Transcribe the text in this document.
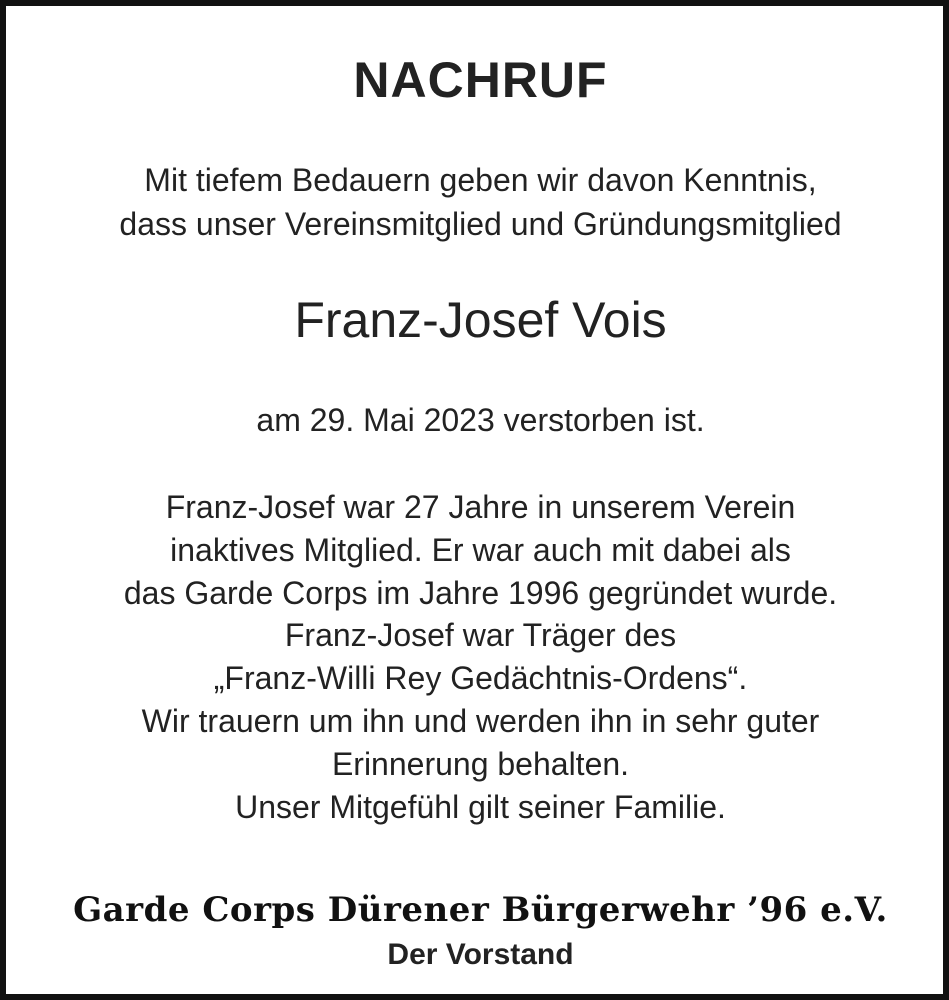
NACHRUF
Mit tiefem Bedauern geben wir davon Kenntnis,
dass unser Vereinsmitglied und Gründungsmitglied
Franz-Josef Vois
am 29. Mai 2023 verstorben ist.
Franz-Josef war 27 Jahre in unserem Verein
inaktives Mitglied. Er war auch mit dabei als
das Garde Corps im Jahre 1996 gegründet wurde.
Franz-Josef war Träger des
„Franz-Willi Rey Gedächtnis-Ordens“.
Wir trauern um ihn und werden ihn in sehr guter
Erinnerung behalten.
Unser Mitgefühl gilt seiner Familie.
Garde Corps Dürener Bürgerwehr ’96 e.V.
Der Vorstand
